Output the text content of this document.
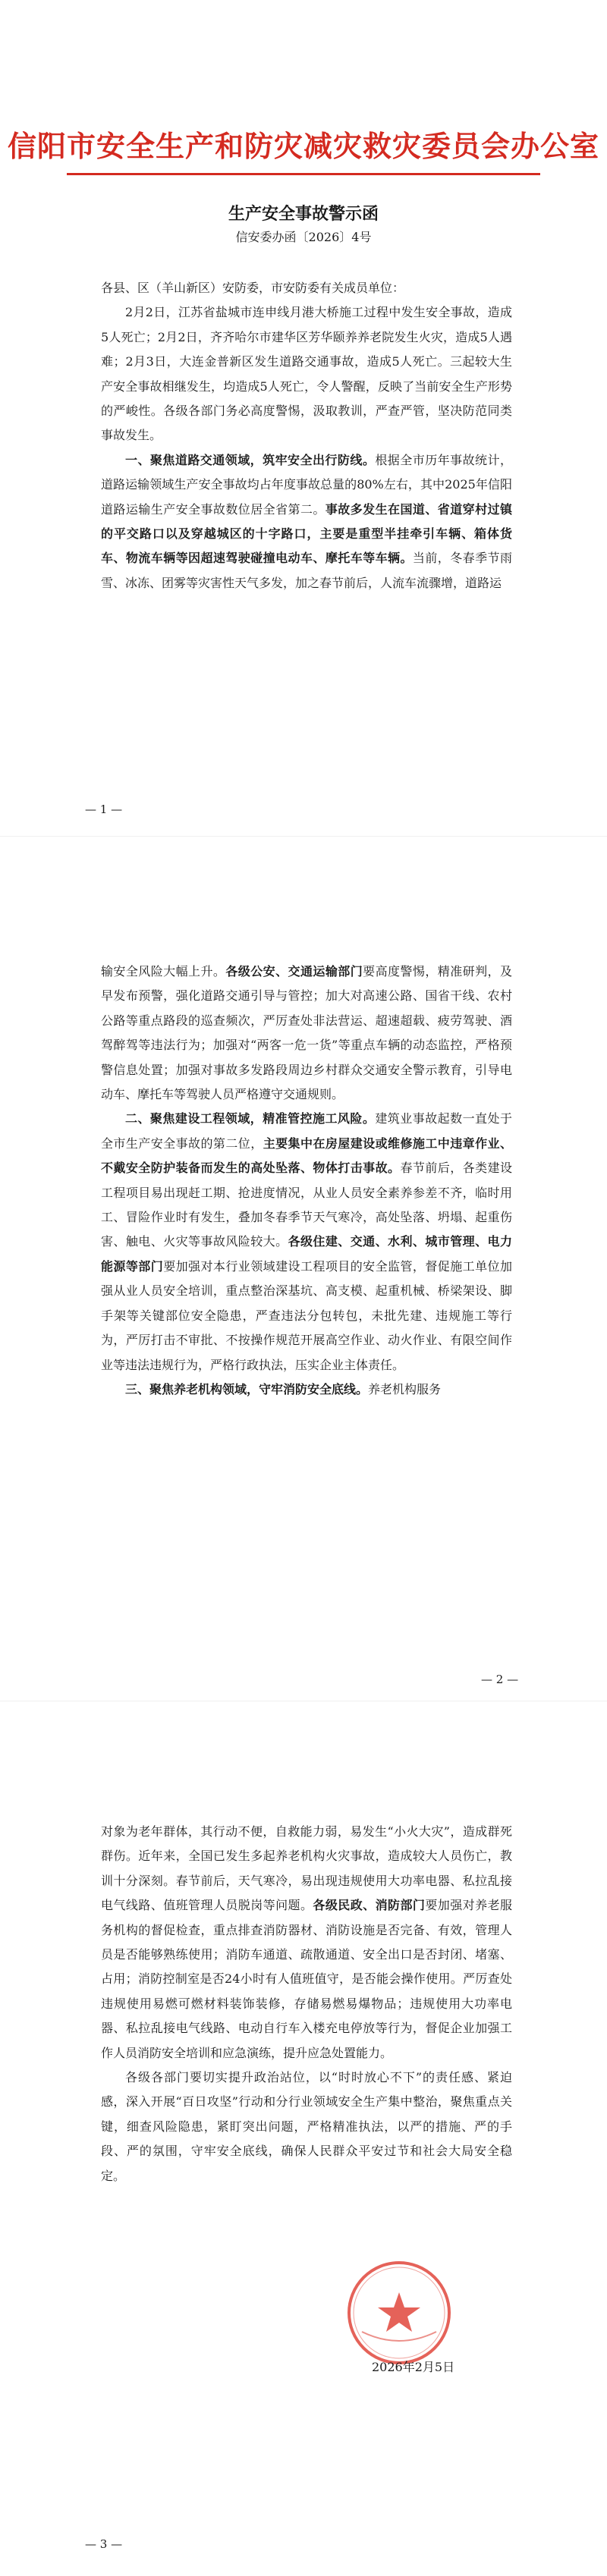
信阳市安全生产和防灾减灾救灾委员会办公室
生产安全事故警示函
信安委办函〔2026〕4号

各县、区（羊山新区）安防委，市安防委有关成员单位：

2月2日，江苏省盐城市连申线月港大桥施工过程中发生安全事故，造成5人死亡；2月2日，齐齐哈尔市建华区芳华颐养养老院发生火灾，造成5人遇难；2月3日，大连金普新区发生道路交通事故，造成5人死亡。三起较大生产安全事故相继发生，均造成5人死亡，令人警醒，反映了当前安全生产形势的严峻性。各级各部门务必高度警惕，汲取教训，严查严管，坚决防范同类事故发生。

一、聚焦道路交通领域，筑牢安全出行防线。根据全市历年事故统计，道路运输领域生产安全事故均占年度事故总量的80%左右，其中2025年信阳道路运输生产安全事故数位居全省第二。事故多发生在国道、省道穿村过镇的平交路口以及穿越城区的十字路口，主要是重型半挂牵引车辆、箱体货车、物流车辆等因超速驾驶碰撞电动车、摩托车等车辆。当前，冬春季节雨雪、冰冻、团雾等灾害性天气多发，加之春节前后，人流车流骤增，道路运

— 1 —

输安全风险大幅上升。各级公安、交通运输部门要高度警惕，精准研判，及早发布预警，强化道路交通引导与管控；加大对高速公路、国省干线、农村公路等重点路段的巡查频次，严厉查处非法营运、超速超载、疲劳驾驶、酒驾醉驾等违法行为；加强对“两客一危一货”等重点车辆的动态监控，严格预警信息处置；加强对事故多发路段周边乡村群众交通安全警示教育，引导电动车、摩托车等驾驶人员严格遵守交通规则。

二、聚焦建设工程领域，精准管控施工风险。建筑业事故起数一直处于全市生产安全事故的第二位，主要集中在房屋建设或维修施工中违章作业、不戴安全防护装备而发生的高处坠落、物体打击事故。春节前后，各类建设工程项目易出现赶工期、抢进度情况，从业人员安全素养参差不齐，临时用工、冒险作业时有发生，叠加冬春季节天气寒冷，高处坠落、坍塌、起重伤害、触电、火灾等事故风险较大。各级住建、交通、水利、城市管理、电力能源等部门要加强对本行业领域建设工程项目的安全监管，督促施工单位加强从业人员安全培训，重点整治深基坑、高支模、起重机械、桥梁架设、脚手架等关键部位安全隐患，严查违法分包转包，未批先建、违规施工等行为，严厉打击不审批、不按操作规范开展高空作业、动火作业、有限空间作业等违法违规行为，严格行政执法，压实企业主体责任。

三、聚焦养老机构领域，守牢消防安全底线。养老机构服务

— 2 —

对象为老年群体，其行动不便，自救能力弱，易发生“小火大灾”，造成群死群伤。近年来，全国已发生多起养老机构火灾事故，造成较大人员伤亡，教训十分深刻。春节前后，天气寒冷，易出现违规使用大功率电器、私拉乱接电气线路、值班管理人员脱岗等问题。各级民政、消防部门要加强对养老服务机构的督促检查，重点排查消防器材、消防设施是否完备、有效，管理人员是否能够熟练使用；消防车通道、疏散通道、安全出口是否封闭、堵塞、占用；消防控制室是否24小时有人值班值守，是否能会操作使用。严厉查处违规使用易燃可燃材料装饰装修，存储易燃易爆物品；违规使用大功率电器、私拉乱接电气线路、电动自行车入楼充电停放等行为，督促企业加强工作人员消防安全培训和应急演练，提升应急处置能力。

各级各部门要切实提升政治站位，以“时时放心不下”的责任感、紧迫感，深入开展“百日攻坚”行动和分行业领域安全生产集中整治，聚焦重点关键，细查风险隐患，紧盯突出问题，严格精准执法，以严的措施、严的手段、严的氛围，守牢安全底线，确保人民群众平安过节和社会大局安全稳定。

2026年2月5日
— 3 —
